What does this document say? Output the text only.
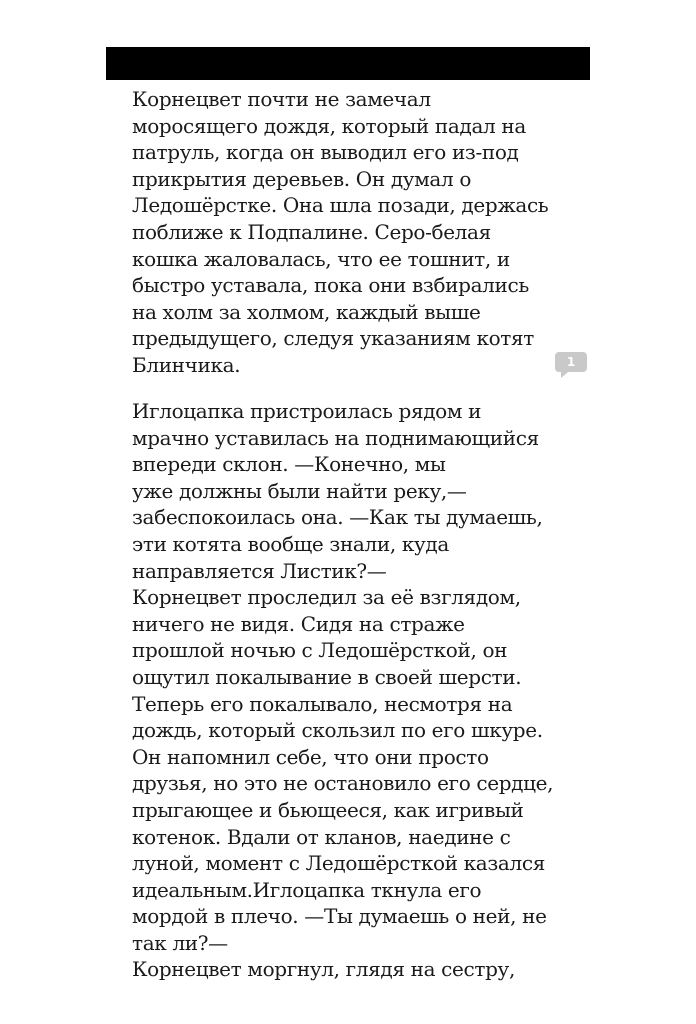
Корнецвет почти не замечал
моросящего дождя, который падал на
патруль, когда он выводил его из-под
прикрытия деревьев. Он думал о
Ледошёрстке. Она шла позади, держась
поближе к Подпалине. Серо-белая
кошка жаловалась, что ее тошнит, и
быстро уставала, пока они взбирались
на холм за холмом, каждый выше
предыдущего, следуя указаниям котят
Блинчика.	1
Иглоцапка пристроилась рядом и
мрачно уставилась на поднимающийся
впереди склон. —Конечно, мы
уже должны были найти реку,—
забеспокоилась она. —Как ты думаешь,
эти котята вообще знали, куда
направляется Листик?—
Корнецвет проследил за её взглядом,
ничего не видя. Сидя на страже
прошлой ночью с Ледошёрсткой, он
ощутил покалывание в своей шерсти.
Теперь его покалывало, несмотря на
дождь, который скользил по его шкуре.
Он напомнил себе, что они просто
друзья, но это не остановило его сердце,
прыгающее и бьющееся, как игривый
котенок. Вдали от кланов, наедине с
луной, момент с Ледошёрсткой казался
идеальным.Иглоцапка ткнула его
мордой в плечо. —Ты думаешь о ней, не
так ли?—
Корнецвет моргнул, глядя на сестру,
